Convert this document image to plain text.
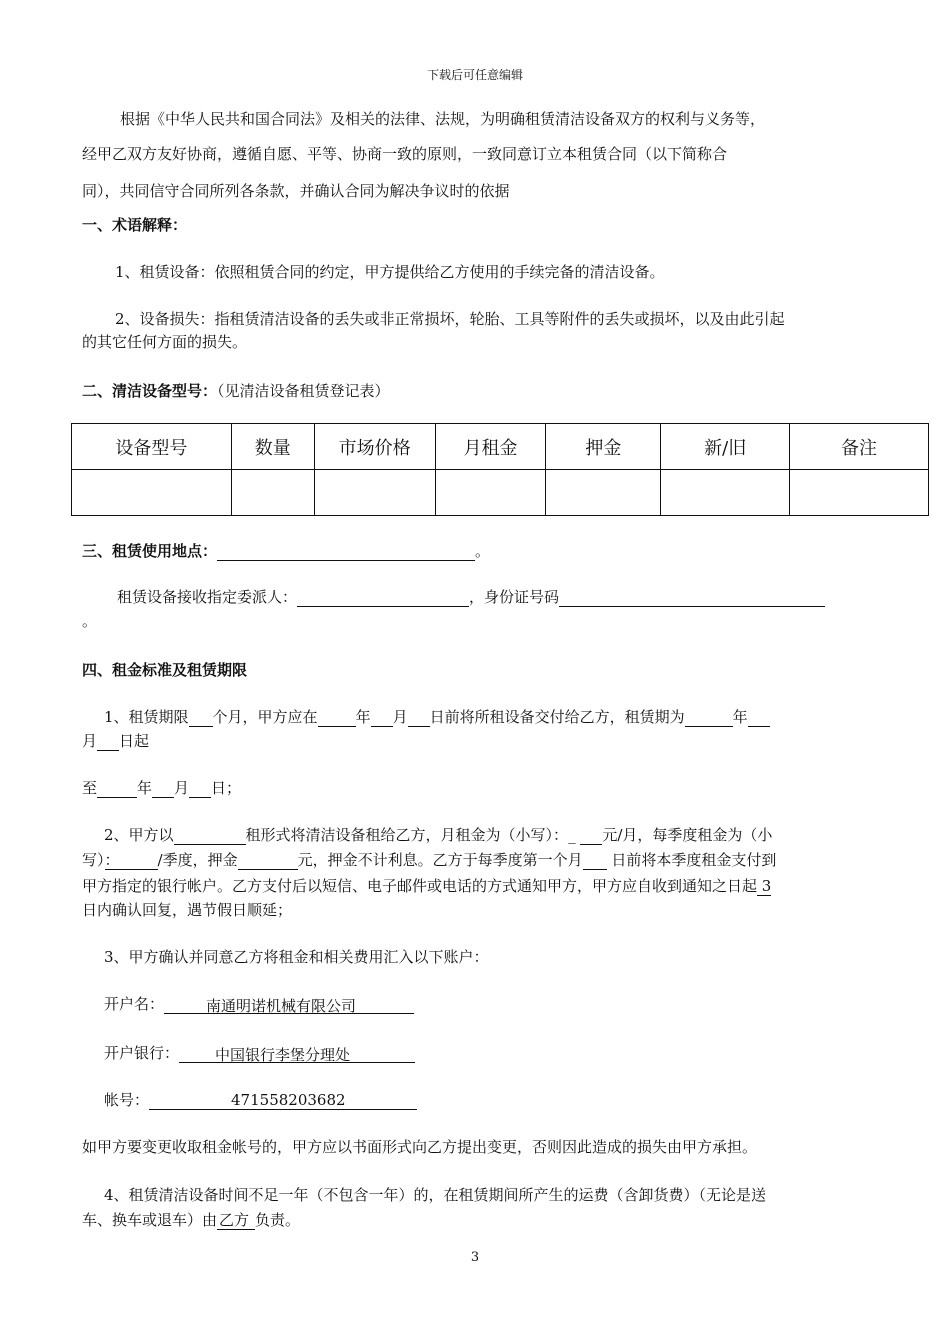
下载后可任意编辑
根据《中华人民共和国合同法》及相关的法律、法规，为明确租赁清洁设备双方的权利与义务等，
经甲乙双方友好协商，遵循自愿、平等、协商一致的原则，一致同意订立本租赁合同（以下简称合
同），共同信守合同所列各条款，并确认合同为解决争议时的依据
一、术语解释：
1、租赁设备：依照租赁合同的约定，甲方提供给乙方使用的手续完备的清洁设备。
2、设备损失：指租赁清洁设备的丢失或非正常损坏，轮胎、工具等附件的丢失或损坏，以及由此引起
的其它任何方面的损失。
二、清洁设备型号：（见清洁设备租赁登记表）
设备型号	数量	市场价格	月租金	押金	新/旧	备注

三、租赁使用地点：	。
租赁设备接收指定委派人：	，身份证号码
。
四、租金标准及租赁期限
1、租赁期限 个月，甲方应在	年 月 日前将所租设备交付给乙方，租赁期为	年
月 日起
至	年 月 日；
2、甲方以	租形式将清洁设备租给乙方，月租金为（小写）：_ 元/月，每季度租金为（小
写）：	/季度，押金	元，押金不计利息。乙方于每季度第一个月 日前将本季度租金支付到
甲方指定的银行帐户。乙方支付后以短信、电子邮件或电话的方式通知甲方，甲方应自收到通知之日起 3
日内确认回复，遇节假日顺延；
3、甲方确认并同意乙方将租金和相关费用汇入以下账户：
开户名：	南通明诺机械有限公司
开户银行： 中国银行李堡分理处
帐号：	471558203682
如甲方要变更收取租金帐号的，甲方应以书面形式向乙方提出变更，否则因此造成的损失由甲方承担。
4、租赁清洁设备时间不足一年（不包含一年）的，在租赁期间所产生的运费（含卸货费）（无论是送
车、换车或退车）由 乙方 负责。
3
